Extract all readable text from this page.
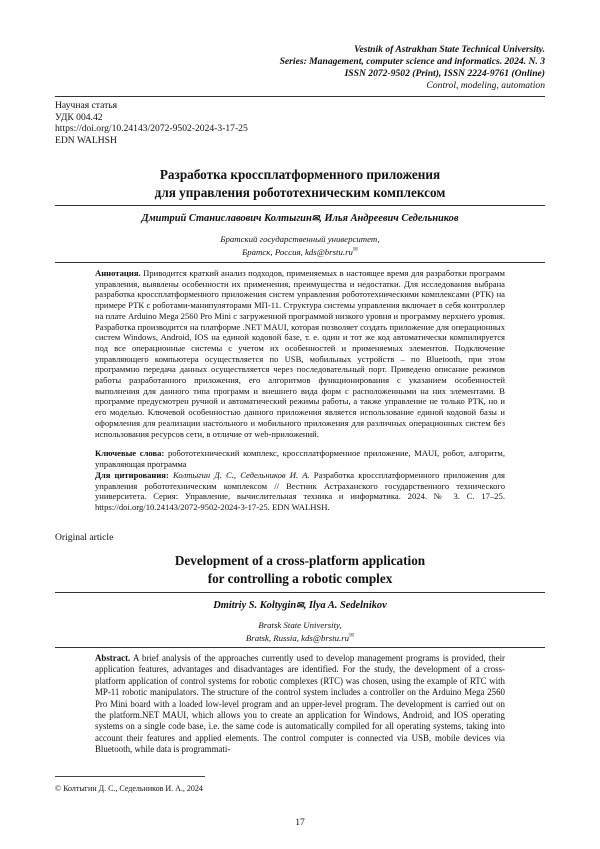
Vestnik of Astrakhan State Technical University.
Series: Management, computer science and informatics. 2024. N. 3
ISSN 2072-9502 (Print), ISSN 2224-9761 (Online)
Control, modeling, automation
Научная статья
УДК 004.42
https://doi.org/10.24143/2072-9502-2024-3-17-25
EDN WALHSH
Разработка кроссплатформенного приложения
для управления робототехническим комплексом
Дмитрий Станиславович Колтыгин✉, Илья Андреевич Седельников
Братский государственный университет,
Братск, Россия, kds@brstu.ru✉
Аннотация. Приводится краткий анализ подходов, применяемых в настоящее время для разработки программ управления, выявлены особенности их применения, преимущества и недостатки. Для исследования выбрана разработка кроссплатформенного приложения систем управления робототехническими комплексами (РТК) на примере РТК с роботами-манипуляторами МП-11. Структура системы управления включает в себя контроллер на плате Arduino Mega 2560 Pro Mini с загруженной программой низкого уровня и программу верхнего уровня. Разработка производится на платформе .NET MAUI, которая позволяет создать приложение для операционных систем Windows, Android, IOS на единой кодовой базе, т. е. один и тот же код автоматически компилируется под все операционные системы с учетом их особенностей и применяемых элементов. Подключение управляющего компьютера осуществляется по USB, мобильных устройств – по Bluetooth, при этом программно передача данных осуществляется через последовательный порт. Приведено описание режимов работы разработанного приложения, его алгоритмов функционирования с указанием особенностей выполнения для данного типа программ и внешнего вида форм с расположенными на них элементами. В программе предусмотрен ручной и автоматический режимы работы, а также управление не только РТК, но и его моделью. Ключевой особенностью данного приложения является использование единой кодовой базы и оформления для реализации настольного и мобильного приложения для различных операционных систем без использования ресурсов сети, в отличие от web-приложений.
Ключевые слова: робототехнический комплекс, кроссплатформенное приложение, MAUI, робот, алгоритм, управляющая программа
Для цитирования: Колтыгин Д. С., Седельников И. А. Разработка кроссплатформенного приложения для управления робототехническим комплексом // Вестник Астраханского государственного технического университета. Серия: Управление, вычислительная техника и информатика. 2024. № 3. С. 17–25. https://doi.org/10.24143/2072-9502-2024-3-17-25. EDN WALHSH.
Original article
Development of a cross-platform application
for controlling a robotic complex
Dmitriy S. Koltygin✉, Ilya A. Sedelnikov
Bratsk State University,
Bratsk, Russia, kds@brstu.ru✉
Abstract. A brief analysis of the approaches currently used to develop management programs is provided, their application features, advantages and disadvantages are identified. For the study, the development of a cross-platform application of control systems for robotic complexes (RTC) was chosen, using the example of RTC with MP-11 robotic manipulators. The structure of the control system includes a controller on the Arduino Mega 2560 Pro Mini board with a loaded low-level program and an upper-level program. The development is carried out on the platform.NET MAUI, which allows you to create an application for Windows, Android, and IOS operating systems on a single code base, i.e. the same code is automatically compiled for all operating systems, taking into account their features and applied elements. The control computer is connected via USB, mobile devices via Bluetooth, while data is programmati-
© Колтыгин Д. С., Седельников И. А., 2024
17
